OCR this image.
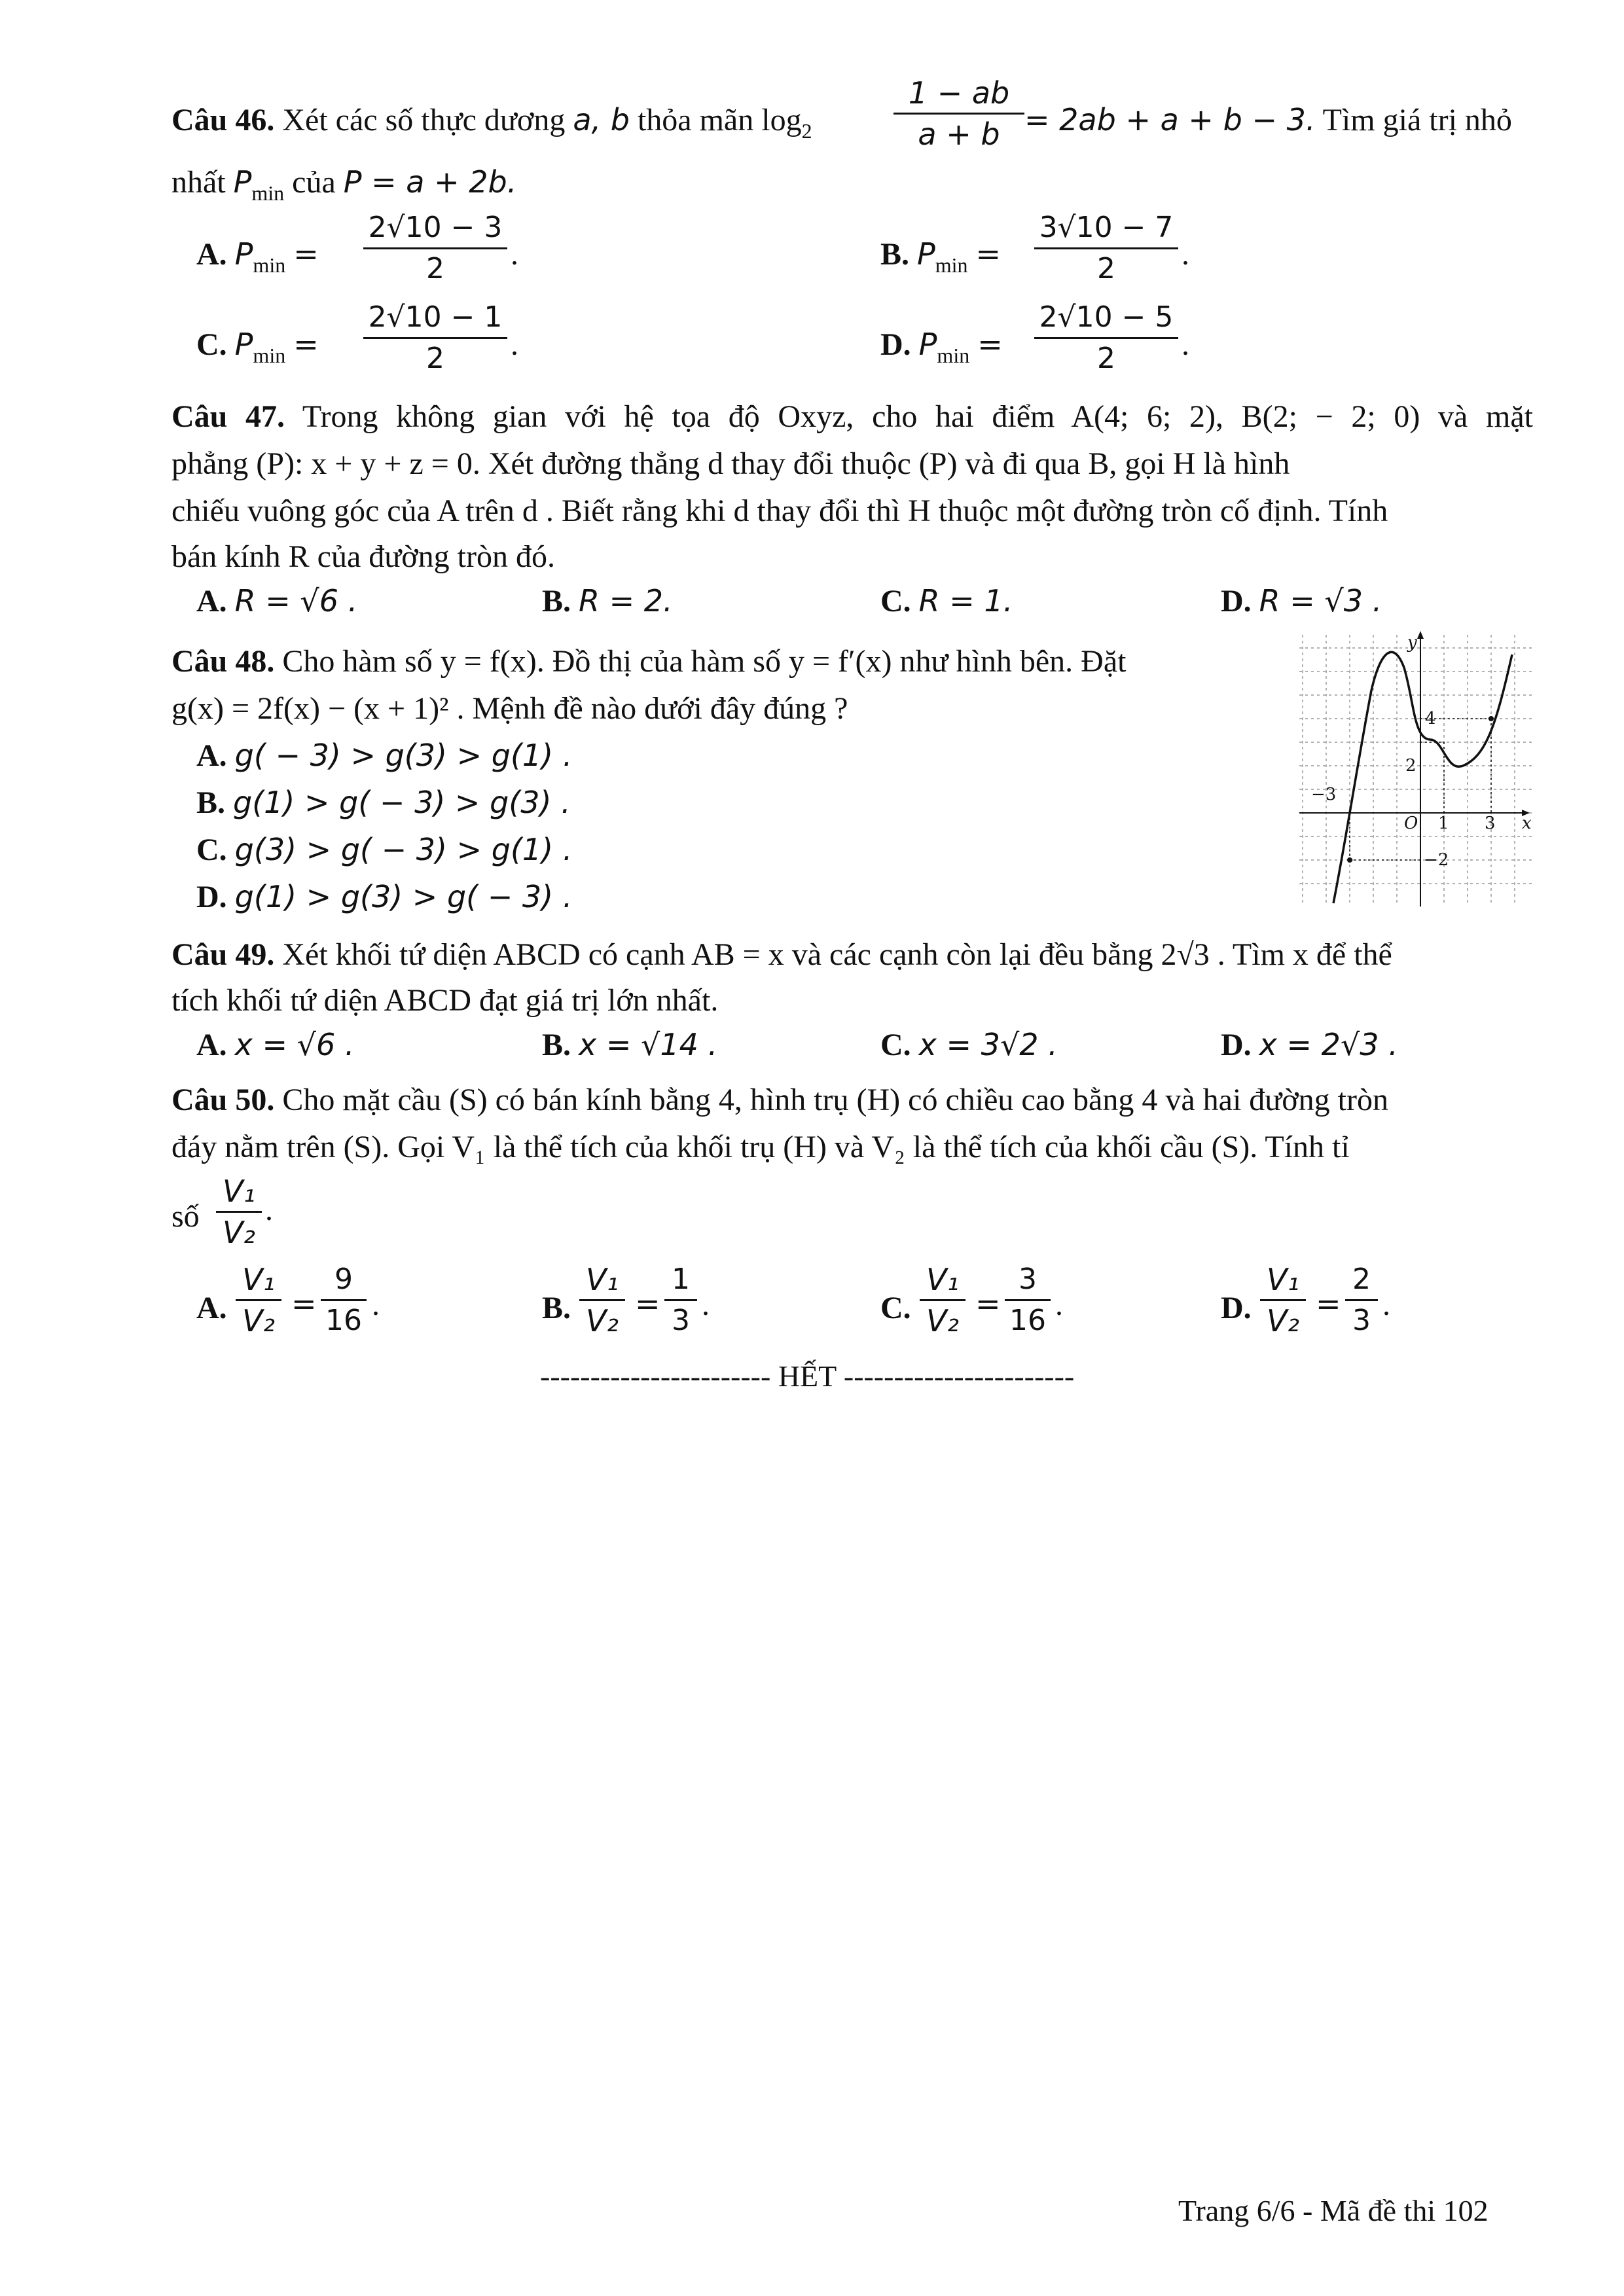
Câu 46. Xét các số thực dương a, b thỏa mãn $\log_2$
1 − ab
a + b = 2ab + a + b − 3. Tìm giá trị nhỏ
nhất $P_{min}$ của P = a + 2b.
A. $P_{min}$ =
2√10 − 3
2	.	B. $P_{min}$ =
3√10 − 7
2	.
C. $P_{min}$ =
2√10 − 1
2	.	D. $P_{min}$ =
2√10 − 5
2	.
Câu 47. Trong không gian với hệ tọa độ Oxyz, cho hai điểm A(4; 6; 2), B(2; − 2; 0) và mặt
phẳng (P): x + y + z = 0. Xét đường thẳng d thay đổi thuộc (P) và đi qua B, gọi H là hình
chiếu vuông góc của A trên d . Biết rằng khi d thay đổi thì H thuộc một đường tròn cố định. Tính
bán kính R của đường tròn đó.
A. R = √6 .	B. R = 2.	C. R = 1.	D. R = √3 .
Câu 48. Cho hàm số y = f(x). Đồ thị của hàm số y = f′(x) như hình bên. Đặt
g(x) = 2f(x) − (x + 1)² . Mệnh đề nào dưới đây đúng ?
A. g( − 3) > g(3) > g(1) .
B. g(1) > g( − 3) > g(3) .
C. g(3) > g( − 3) > g(1) .
D. g(1) > g(3) > g( − 3) .
y
x
O
4
2
−3
1 3
−2
Câu 49. Xét khối tứ diện ABCD có cạnh AB = x và các cạnh còn lại đều bằng 2√3 . Tìm x để thể
tích khối tứ diện ABCD đạt giá trị lớn nhất.
A. x = √6 .	B. x = √14 .	C. x = 3√2 .	D. x = 2√3 .
Câu 50. Cho mặt cầu (S) có bán kính bằng 4, hình trụ (H) có chiều cao bằng 4 và hai đường tròn
đáy nằm trên (S). Gọi V₁ là thể tích của khối trụ (H) và V₂ là thể tích của khối cầu (S). Tính tỉ
số
V₁
V₂
.
A.
V₁
V₂ =
9
16 .	B.
V₁
V₂ =
1
3 .	C.
V₁
V₂ =
3
16 .	D.
V₁
V₂ =
2
3 .
----------------------- HẾT -----------------------
Trang 6/6 - Mã đề thi 102
